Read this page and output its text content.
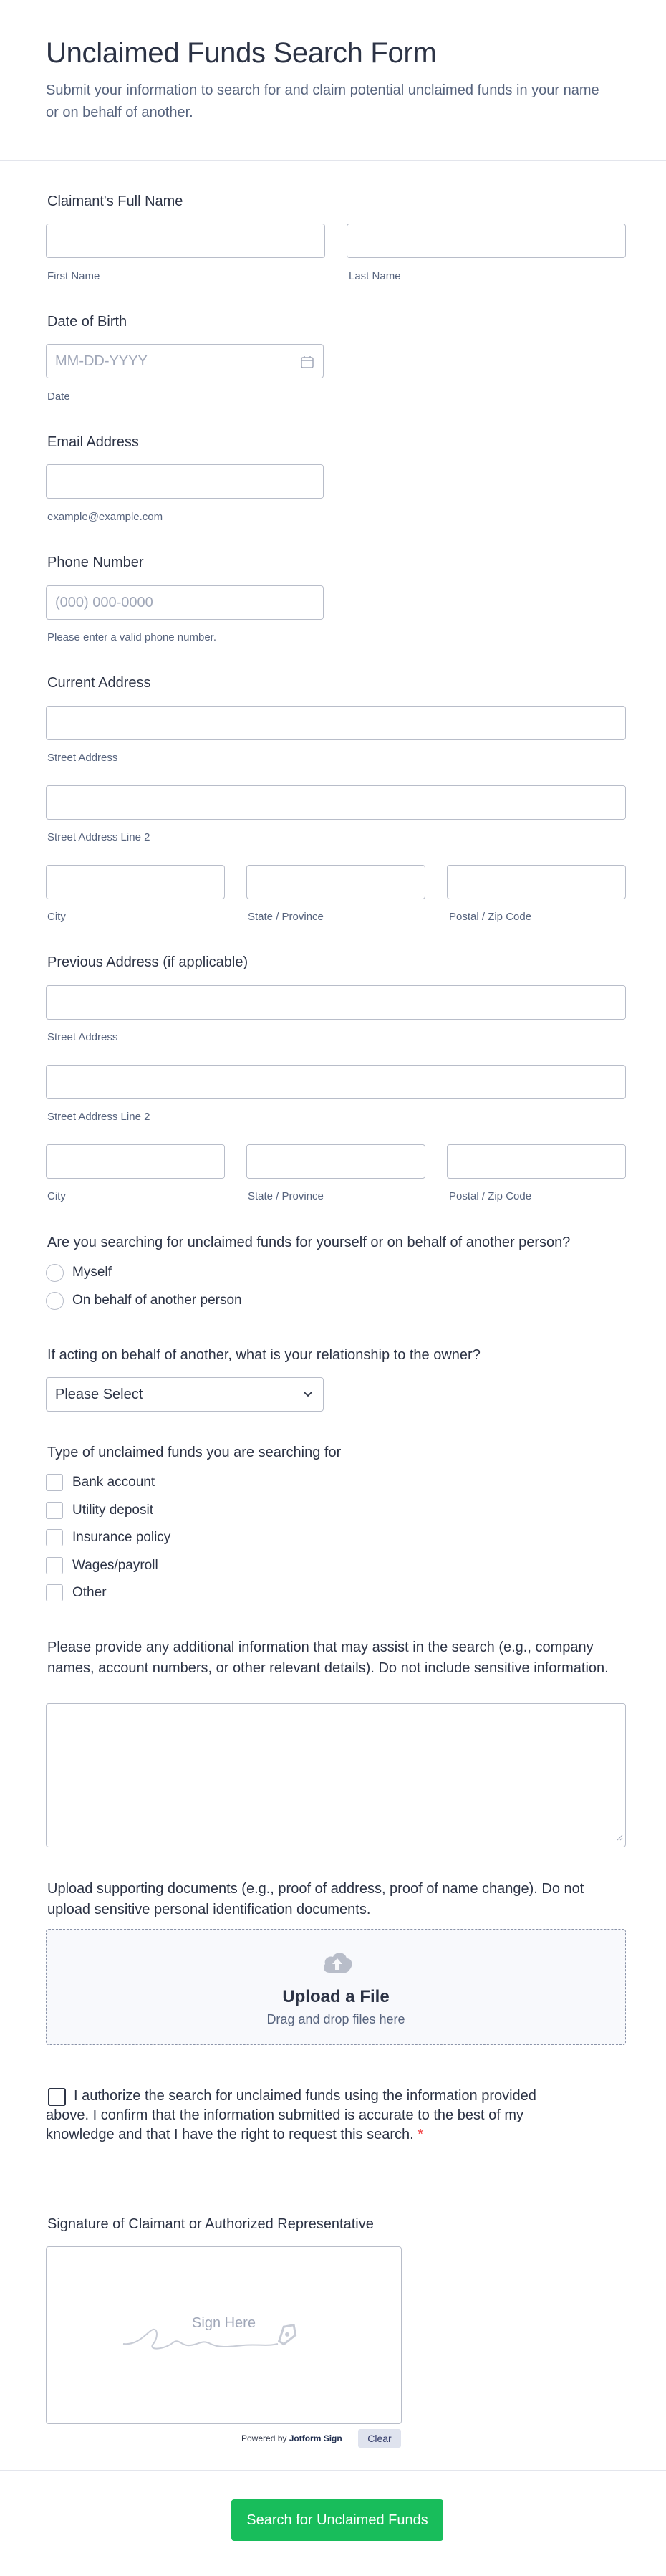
Unclaimed Funds Search Form

Submit your information to search for and claim potential unclaimed funds in your name or on behalf of another.

Claimant's Full Name
First Name	Last Name
Date of Birth
MM-DD-YYYY
Date
Email Address
example@example.com
Phone Number
(000) 000-0000
Please enter a valid phone number.
Current Address
Street Address
Street Address Line 2
City	State / Province	Postal / Zip Code
Previous Address (if applicable)
Street Address
Street Address Line 2
City	State / Province	Postal / Zip Code
Are you searching for unclaimed funds for yourself or on behalf of another person?
Myself
On behalf of another person
If acting on behalf of another, what is your relationship to the owner?
Please Select
Type of unclaimed funds you are searching for
Bank account
Utility deposit
Insurance policy
Wages/payroll
Other
Please provide any additional information that may assist in the search (e.g., company names, account numbers, or other relevant details). Do not include sensitive information.
Upload supporting documents (e.g., proof of address, proof of name change). Do not upload sensitive personal identification documents.
Upload a File
Drag and drop files here
I authorize the search for unclaimed funds using the information provided above. I confirm that the information submitted is accurate to the best of my knowledge and that I have the right to request this search. *
Signature of Claimant or Authorized Representative
Sign Here
Powered by Jotform Sign	Clear
Search for Unclaimed Funds
